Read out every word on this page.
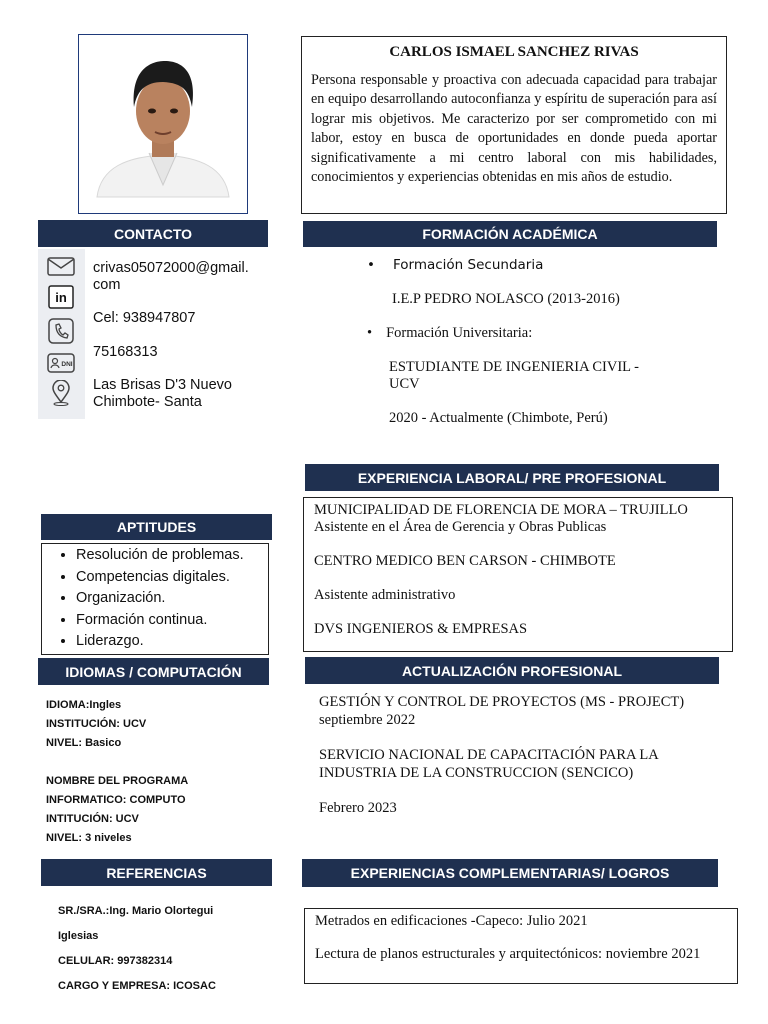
CARLOS ISMAEL SANCHEZ RIVAS
Persona responsable y proactiva con adecuada capacidad para trabajar en equipo desarrollando autoconfianza y espíritu de superación para así lograr mis objetivos. Me caracterizo por ser comprometido con mi labor, estoy en busca de oportunidades en donde pueda aportar significativamente a mi centro laboral con mis habilidades, conocimientos y experiencias obtenidas en mis años de estudio.
CONTACTO
in
DNI
crivas05072000@gmail.
com
Cel: 938947807
75168313
Las Brisas D'3 Nuevo
Chimbote- Santa
FORMACIÓN ACADÉMICA
• Formación Secundaria
I.E.P PEDRO NOLASCO (2013-2016)
• Formación Universitaria:
ESTUDIANTE DE INGENIERIA CIVIL -
UCV
2020 - Actualmente (Chimbote, Perú)
EXPERIENCIA LABORAL/ PRE PROFESIONAL
MUNICIPALIDAD DE FLORENCIA DE MORA – TRUJILLO
Asistente en el Área de Gerencia y Obras Publicas
CENTRO MEDICO BEN CARSON - CHIMBOTE
Asistente administrativo
DVS INGENIEROS & EMPRESAS
APTITUDES
• Resolución de problemas.
• Competencias digitales.
• Organización.
• Formación continua.
• Liderazgo.
IDIOMAS / COMPUTACIÓN
IDIOMA:Ingles
INSTITUCIÓN: UCV
NIVEL: Basico
NOMBRE DEL PROGRAMA
INFORMATICO: COMPUTO
INTITUCIÓN: UCV
NIVEL: 3 niveles
ACTUALIZACIÓN PROFESIONAL
GESTIÓN Y CONTROL DE PROYECTOS (MS - PROJECT)
septiembre 2022
SERVICIO NACIONAL DE CAPACITACIÓN PARA LA
INDUSTRIA DE LA CONSTRUCCION (SENCICO)
Febrero 2023
REFERENCIAS
SR./SRA.:Ing. Mario Olortegui
Iglesias
CELULAR: 997382314
CARGO Y EMPRESA: ICOSAC
EXPERIENCIAS COMPLEMENTARIAS/ LOGROS
Metrados en edificaciones -Capeco: Julio 2021
Lectura de planos estructurales y arquitectónicos: noviembre 2021
